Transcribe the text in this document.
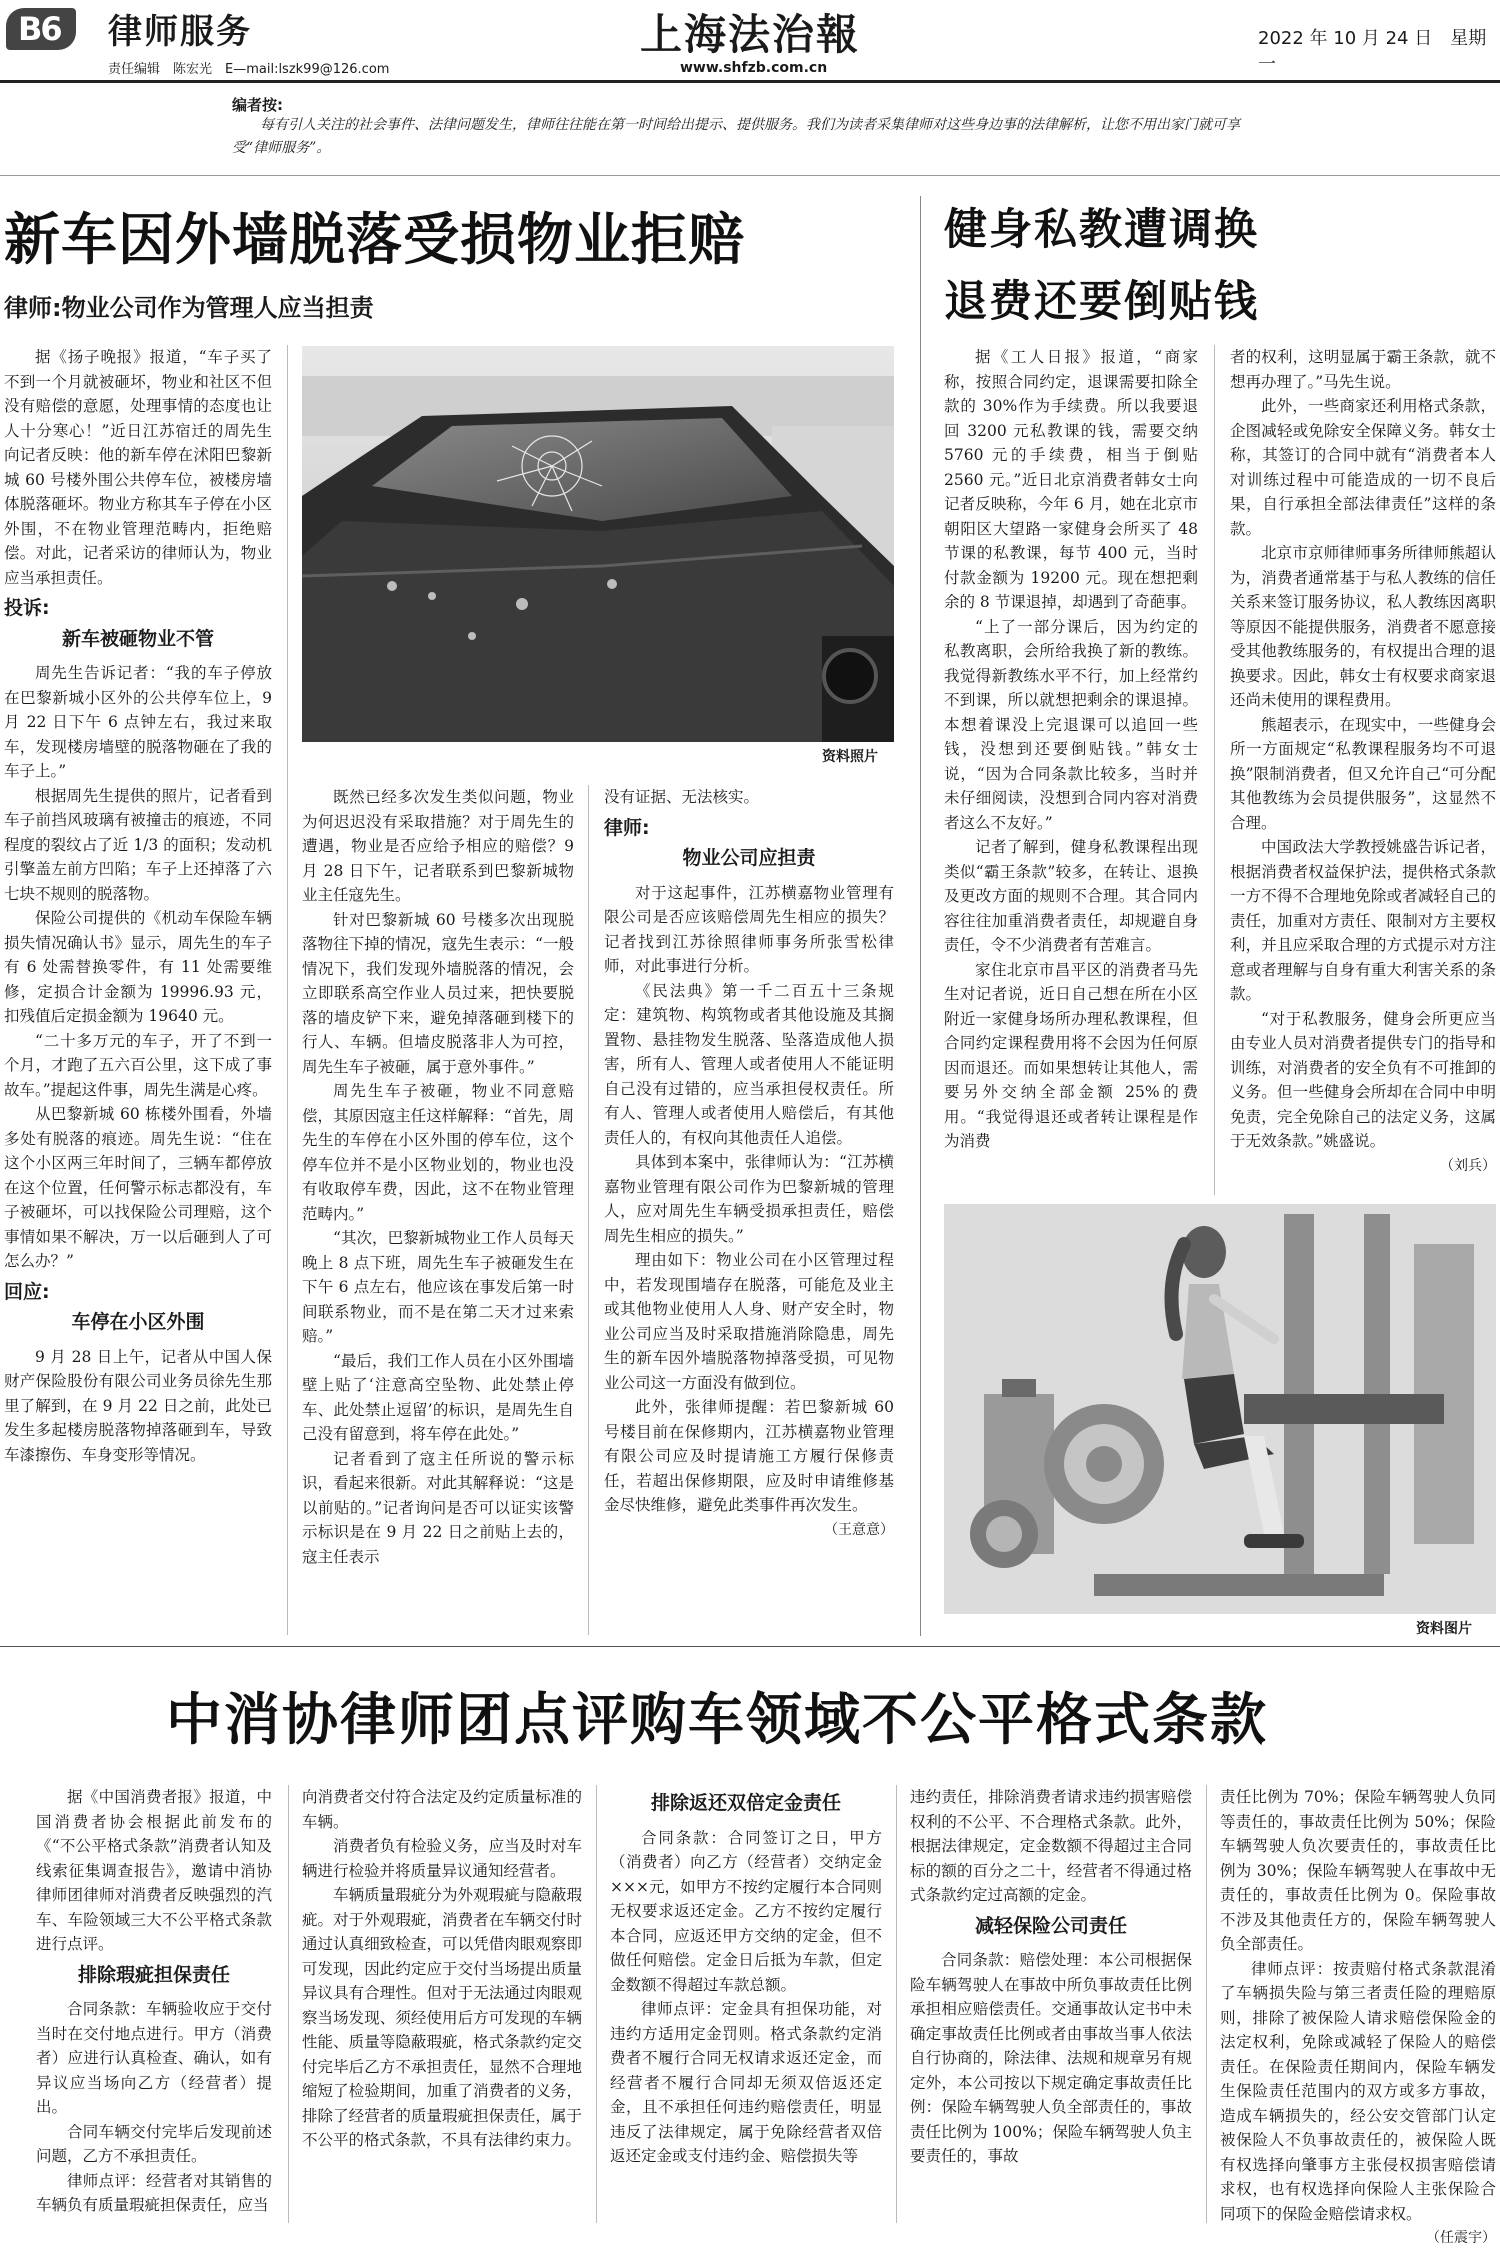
B6	律师服务
责任编辑　陈宏光　E—mail:lszk99@126.com
上海法治報
www.shfzb.com.cn
2022 年 10 月 24 日　星期一
编者按:
每有引人关注的社会事件、法律问题发生，律师往往能在第一时间给出提示、提供服务。我们为读者采集律师对这些身边事的法律解析，让您不用出家门就可享受“律师服务”。
新车因外墙脱落受损物业拒赔
律师:物业公司作为管理人应当担责
资料照片

据《扬子晚报》报道，“车子买了不到一个月就被砸坏，物业和社区不但没有赔偿的意愿，处理事情的态度也让人十分寒心！”近日江苏宿迁的周先生向记者反映：他的新车停在沭阳巴黎新城 60 号楼外围公共停车位，被楼房墙体脱落砸坏。物业方称其车子停在小区外围，不在物业管理范畴内，拒绝赔偿。对此，记者采访的律师认为，物业应当承担责任。

投诉:
新车被砸物业不管

周先生告诉记者：“我的车子停放在巴黎新城小区外的公共停车位上，9 月 22 日下午 6 点钟左右，我过来取车，发现楼房墙壁的脱落物砸在了我的车子上。”

根据周先生提供的照片，记者看到车子前挡风玻璃有被撞击的痕迹，不同程度的裂纹占了近 1/3 的面积；发动机引擎盖左前方凹陷；车子上还掉落了六七块不规则的脱落物。

保险公司提供的《机动车保险车辆损失情况确认书》显示，周先生的车子有 6 处需替换零件，有 11 处需要维修，定损合计金额为 19996.93 元，扣残值后定损金额为 19640 元。

“二十多万元的车子，开了不到一个月，才跑了五六百公里，这下成了事故车。”提起这件事，周先生满是心疼。

从巴黎新城 60 栋楼外围看，外墙多处有脱落的痕迹。周先生说：“住在这个小区两三年时间了，三辆车都停放在这个位置，任何警示标志都没有，车子被砸坏，可以找保险公司理赔，这个事情如果不解决，万一以后砸到人了可怎么办？”

回应:
车停在小区外围

9 月 28 日上午，记者从中国人保财产保险股份有限公司业务员徐先生那里了解到，在 9 月 22 日之前，此处已发生多起楼房脱落物掉落砸到车，导致车漆擦伤、车身变形等情况。

既然已经多次发生类似问题，物业为何迟迟没有采取措施？对于周先生的遭遇，物业是否应给予相应的赔偿？9 月 28 日下午，记者联系到巴黎新城物业主任寇先生。

针对巴黎新城 60 号楼多次出现脱落物往下掉的情况，寇先生表示：“一般情况下，我们发现外墙脱落的情况，会立即联系高空作业人员过来，把快要脱落的墙皮铲下来，避免掉落砸到楼下的行人、车辆。但墙皮脱落非人为可控，周先生车子被砸，属于意外事件。”

周先生车子被砸，物业不同意赔偿，其原因寇主任这样解释：“首先，周先生的车停在小区外围的停车位，这个停车位并不是小区物业划的，物业也没有收取停车费，因此，这不在物业管理范畴内。”

“其次，巴黎新城物业工作人员每天晚上 8 点下班，周先生车子被砸发生在下午 6 点左右，他应该在事发后第一时间联系物业，而不是在第二天才过来索赔。”

“最后，我们工作人员在小区外围墙壁上贴了‘注意高空坠物、此处禁止停车、此处禁止逗留’的标识，是周先生自己没有留意到，将车停在此处。”

记者看到了寇主任所说的警示标识，看起来很新。对此其解释说：“这是以前贴的。”记者询问是否可以证实该警示标识是在 9 月 22 日之前贴上去的，寇主任表示

没有证据、无法核实。

律师:
物业公司应担责

对于这起事件，江苏横嘉物业管理有限公司是否应该赔偿周先生相应的损失？记者找到江苏徐照律师事务所张雪松律师，对此事进行分析。

《民法典》第一千二百五十三条规定：建筑物、构筑物或者其他设施及其搁置物、悬挂物发生脱落、坠落造成他人损害，所有人、管理人或者使用人不能证明自己没有过错的，应当承担侵权责任。所有人、管理人或者使用人赔偿后，有其他责任人的，有权向其他责任人追偿。

具体到本案中，张律师认为：“江苏横嘉物业管理有限公司作为巴黎新城的管理人，应对周先生车辆受损承担责任，赔偿周先生相应的损失。”

理由如下：物业公司在小区管理过程中，若发现围墙存在脱落，可能危及业主或其他物业使用人人身、财产安全时，物业公司应当及时采取措施消除隐患，周先生的新车因外墙脱落物掉落受损，可见物业公司这一方面没有做到位。

此外，张律师提醒：若巴黎新城 60 号楼目前在保修期内，江苏横嘉物业管理有限公司应及时提请施工方履行保修责任，若超出保修期限，应及时申请维修基金尽快维修，避免此类事件再次发生。

（王意意）
健身私教遭调换
退费还要倒贴钱

据《工人日报》报道，“商家称，按照合同约定，退课需要扣除全款的 30%作为手续费。所以我要退回 3200 元私教课的钱，需要交纳 5760 元的手续费，相当于倒贴 2560 元。”近日北京消费者韩女士向记者反映称，今年 6 月，她在北京市朝阳区大望路一家健身会所买了 48 节课的私教课，每节 400 元，当时付款金额为 19200 元。现在想把剩余的 8 节课退掉，却遇到了奇葩事。

“上了一部分课后，因为约定的私教离职，会所给我换了新的教练。我觉得新教练水平不行，加上经常约不到课，所以就想把剩余的课退掉。本想着课没上完退课可以追回一些钱，没想到还要倒贴钱。”韩女士说，“因为合同条款比较多，当时并未仔细阅读，没想到合同内容对消费者这么不友好。”

记者了解到，健身私教课程出现类似“霸王条款”较多，在转让、退换及更改方面的规则不合理。其合同内容往往加重消费者责任，却规避自身责任，令不少消费者有苦难言。

家住北京市昌平区的消费者马先生对记者说，近日自己想在所在小区附近一家健身场所办理私教课程，但合同约定课程费用将不会因为任何原因而退还。而如果想转让其他人，需要另外交纳全部金额 25%的费用。“我觉得退还或者转让课程是作为消费

者的权利，这明显属于霸王条款，就不想再办理了。”马先生说。

此外，一些商家还利用格式条款，企图减轻或免除安全保障义务。韩女士称，其签订的合同中就有“消费者本人对训练过程中可能造成的一切不良后果，自行承担全部法律责任”这样的条款。

北京市京师律师事务所律师熊超认为，消费者通常基于与私人教练的信任关系来签订服务协议，私人教练因离职等原因不能提供服务，消费者不愿意接受其他教练服务的，有权提出合理的退换要求。因此，韩女士有权要求商家退还尚未使用的课程费用。

熊超表示，在现实中，一些健身会所一方面规定“私教课程服务均不可退换”限制消费者，但又允许自己“可分配其他教练为会员提供服务”，这显然不合理。

中国政法大学教授姚盛告诉记者，根据消费者权益保护法，提供格式条款一方不得不合理地免除或者减轻自己的责任，加重对方责任、限制对方主要权利，并且应采取合理的方式提示对方注意或者理解与自身有重大利害关系的条款。

“对于私教服务，健身会所更应当由专业人员对消费者提供专门的指导和训练，对消费者的安全负有不可推卸的义务。但一些健身会所却在合同中申明免责，完全免除自己的法定义务，这属于无效条款。”姚盛说。

（刘兵）
资料图片
中消协律师团点评购车领域不公平格式条款

据《中国消费者报》报道，中国消费者协会根据此前发布的《“不公平格式条款”消费者认知及线索征集调查报告》，邀请中消协律师团律师对消费者反映强烈的汽车、车险领域三大不公平格式条款进行点评。

排除瑕疵担保责任

合同条款：车辆验收应于交付当时在交付地点进行。甲方（消费者）应进行认真检查、确认，如有异议应当场向乙方（经营者）提出。

合同车辆交付完毕后发现前述问题，乙方不承担责任。

律师点评：经营者对其销售的车辆负有质量瑕疵担保责任，应当

向消费者交付符合法定及约定质量标准的车辆。

消费者负有检验义务，应当及时对车辆进行检验并将质量异议通知经营者。

车辆质量瑕疵分为外观瑕疵与隐蔽瑕疵。对于外观瑕疵，消费者在车辆交付时通过认真细致检查，可以凭借肉眼观察即可发现，因此约定应于交付当场提出质量异议具有合理性。但对于无法通过肉眼观察当场发现、须经使用后方可发现的车辆性能、质量等隐蔽瑕疵，格式条款约定交付完毕后乙方不承担责任，显然不合理地缩短了检验期间，加重了消费者的义务，排除了经营者的质量瑕疵担保责任，属于不公平的格式条款，不具有法律约束力。

排除返还双倍定金责任

合同条款：合同签订之日，甲方（消费者）向乙方（经营者）交纳定金×××元，如甲方不按约定履行本合同则无权要求返还定金。乙方不按约定履行本合同，应返还甲方交纳的定金，但不做任何赔偿。定金日后抵为车款，但定金数额不得超过车款总额。

律师点评：定金具有担保功能，对违约方适用定金罚则。格式条款约定消费者不履行合同无权请求返还定金，而经营者不履行合同却无须双倍返还定金，且不承担任何违约赔偿责任，明显违反了法律规定，属于免除经营者双倍返还定金或支付违约金、赔偿损失等

违约责任，排除消费者请求违约损害赔偿权利的不公平、不合理格式条款。此外，根据法律规定，定金数额不得超过主合同标的额的百分之二十，经营者不得通过格式条款约定过高额的定金。

减轻保险公司责任

合同条款：赔偿处理：本公司根据保险车辆驾驶人在事故中所负事故责任比例承担相应赔偿责任。交通事故认定书中未确定事故责任比例或者由事故当事人依法自行协商的，除法律、法规和规章另有规定外，本公司按以下规定确定事故责任比例：保险车辆驾驶人负全部责任的，事故责任比例为 100%；保险车辆驾驶人负主要责任的，事故

责任比例为 70%；保险车辆驾驶人负同等责任的，事故责任比例为 50%；保险车辆驾驶人负次要责任的，事故责任比例为 30%；保险车辆驾驶人在事故中无责任的，事故责任比例为 0。保险事故不涉及其他责任方的，保险车辆驾驶人负全部责任。

律师点评：按责赔付格式条款混淆了车辆损失险与第三者责任险的理赔原则，排除了被保险人请求赔偿保险金的法定权利，免除或减轻了保险人的赔偿责任。在保险责任期间内，保险车辆发生保险责任范围内的双方或多方事故，造成车辆损失的，经公安交管部门认定被保险人不负事故责任的，被保险人既有权选择向肇事方主张侵权损害赔偿请求权，也有权选择向保险人主张保险合同项下的保险金赔偿请求权。

（任震宇）
